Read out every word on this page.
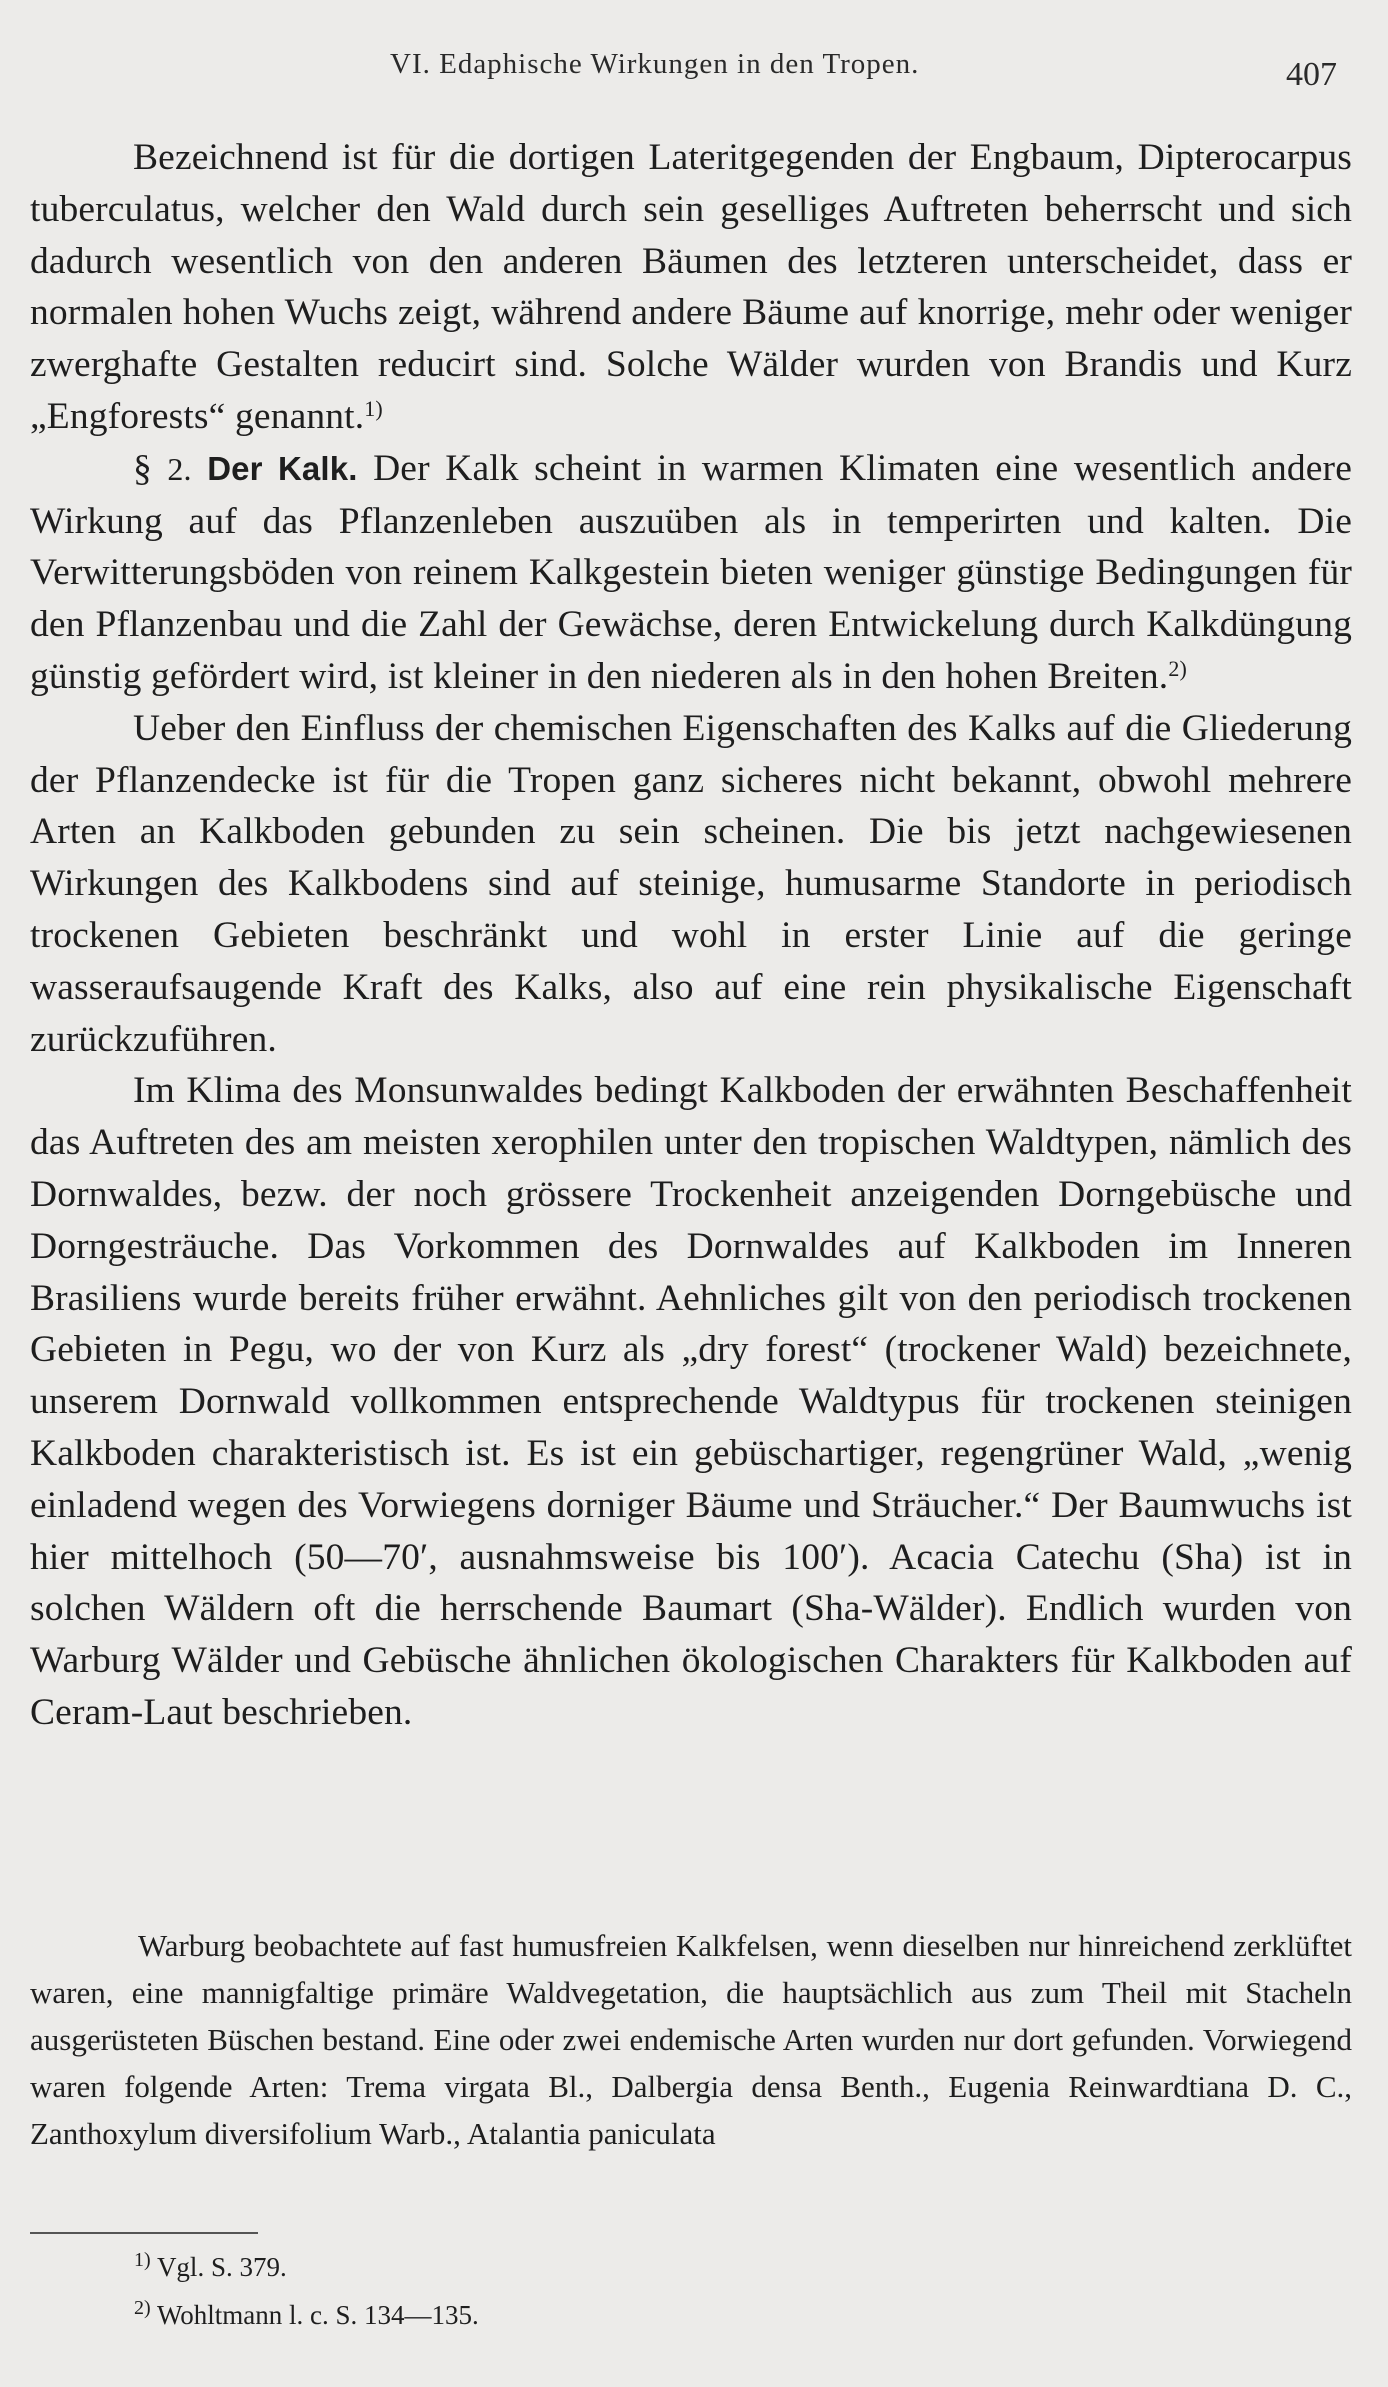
VI. Edaphische Wirkungen in den Tropen.	407

Bezeichnend ist für die dortigen Lateritgegenden der Engbaum, Dipterocarpus tuberculatus, welcher den Wald durch sein geselliges Auftreten beherrscht und sich dadurch wesentlich von den anderen Bäumen des letzteren unterscheidet, dass er normalen hohen Wuchs zeigt, während andere Bäume auf knorrige, mehr oder weniger zwerghafte Gestalten reducirt sind. Solche Wälder wurden von Brandis und Kurz „Engforests“ genannt.$^{1)}$

§ 2. Der Kalk. Der Kalk scheint in warmen Klimaten eine wesentlich andere Wirkung auf das Pflanzenleben auszuüben als in temperirten und kalten. Die Verwitterungsböden von reinem Kalkgestein bieten weniger günstige Bedingungen für den Pflanzenbau und die Zahl der Gewächse, deren Entwickelung durch Kalkdüngung günstig gefördert wird, ist kleiner in den niederen als in den hohen Breiten.$^{2)}$

Ueber den Einfluss der chemischen Eigenschaften des Kalks auf die Gliederung der Pflanzendecke ist für die Tropen ganz sicheres nicht bekannt, obwohl mehrere Arten an Kalkboden gebunden zu sein scheinen. Die bis jetzt nachgewiesenen Wirkungen des Kalkbodens sind auf steinige, humusarme Standorte in periodisch trockenen Gebieten beschränkt und wohl in erster Linie auf die geringe wasseraufsaugende Kraft des Kalks, also auf eine rein physikalische Eigenschaft zurückzuführen.

Im Klima des Monsunwaldes bedingt Kalkboden der erwähnten Beschaffenheit das Auftreten des am meisten xerophilen unter den tropischen Waldtypen, nämlich des Dornwaldes, bezw. der noch grössere Trockenheit anzeigenden Dorngebüsche und Dorngesträuche. Das Vorkommen des Dornwaldes auf Kalkboden im Inneren Brasiliens wurde bereits früher erwähnt. Aehnliches gilt von den periodisch trockenen Gebieten in Pegu, wo der von Kurz als „dry forest“ (trockener Wald) bezeichnete, unserem Dornwald vollkommen entsprechende Waldtypus für trockenen steinigen Kalkboden charakteristisch ist. Es ist ein gebüschartiger, regengrüner Wald, „wenig einladend wegen des Vorwiegens dorniger Bäume und Sträucher.“ Der Baumwuchs ist hier mittelhoch (50—70′, ausnahmsweise bis 100′). Acacia Catechu (Sha) ist in solchen Wäldern oft die herrschende Baumart (Sha-Wälder). Endlich wurden von Warburg Wälder und Gebüsche ähnlichen ökologischen Charakters für Kalkboden auf Ceram-Laut beschrieben.

Warburg beobachtete auf fast humusfreien Kalkfelsen, wenn dieselben nur hinreichend zerklüftet waren, eine mannigfaltige primäre Waldvegetation, die hauptsächlich aus zum Theil mit Stacheln ausgerüsteten Büschen bestand. Eine oder zwei endemische Arten wurden nur dort gefunden. Vorwiegend waren folgende Arten: Trema virgata Bl., Dalbergia densa Benth., Eugenia Reinwardtiana D. C., Zanthoxylum diversifolium Warb., Atalantia paniculata

$^{1)}$ Vgl. S. 379.

$^{2)}$ Wohltmann l. c. S. 134—135.
